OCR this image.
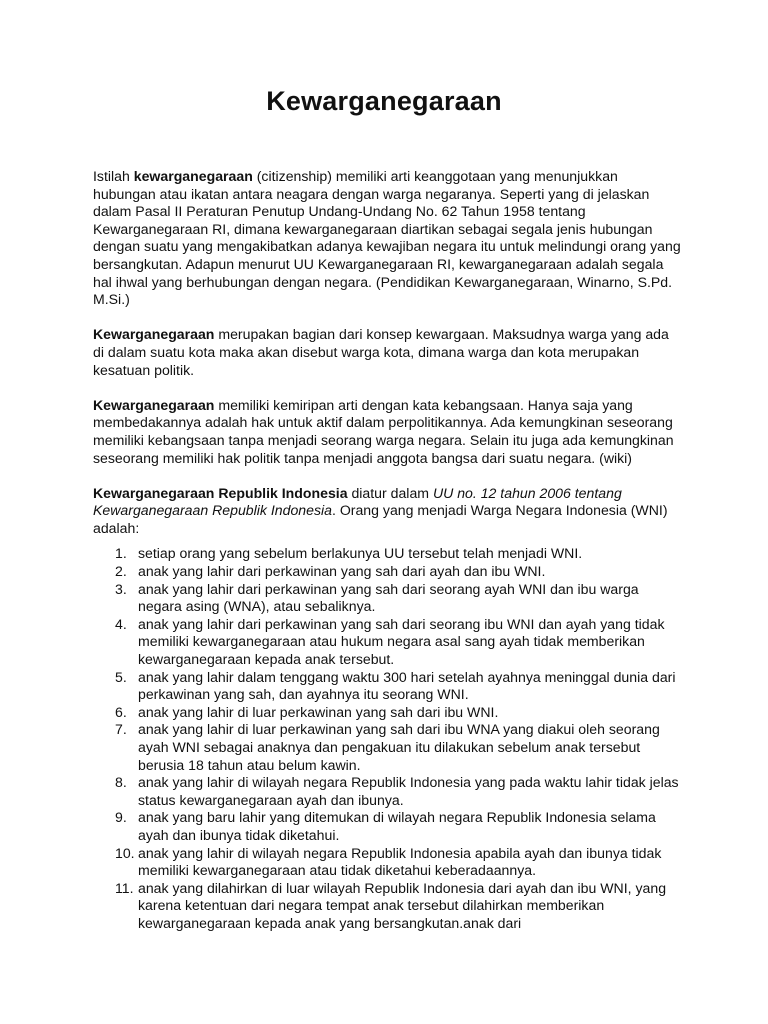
Kewarganegaraan

Istilah kewarganegaraan (citizenship) memiliki arti keanggotaan yang menunjukkan hubungan atau ikatan antara neagara dengan warga negaranya. Seperti yang di jelaskan dalam Pasal II Peraturan Penutup Undang-Undang No. 62 Tahun 1958 tentang Kewarganegaraan RI, dimana kewarganegaraan diartikan sebagai segala jenis hubungan dengan suatu yang mengakibatkan adanya kewajiban negara itu untuk melindungi orang yang bersangkutan. Adapun menurut UU Kewarganegaraan RI, kewarganegaraan adalah segala hal ihwal yang berhubungan dengan negara. (Pendidikan Kewarganegaraan, Winarno, S.Pd. M.Si.)

Kewarganegaraan merupakan bagian dari konsep kewargaan. Maksudnya warga yang ada di dalam suatu kota maka akan disebut warga kota, dimana warga dan kota merupakan kesatuan politik.

Kewarganegaraan memiliki kemiripan arti dengan kata kebangsaan. Hanya saja yang membedakannya adalah hak untuk aktif dalam perpolitikannya. Ada kemungkinan seseorang memiliki kebangsaan tanpa menjadi seorang warga negara. Selain itu juga ada kemungkinan seseorang memiliki hak politik tanpa menjadi anggota bangsa dari suatu negara. (wiki)

Kewarganegaraan Republik Indonesia diatur dalam UU no. 12 tahun 2006 tentang Kewarganegaraan Republik Indonesia. Orang yang menjadi Warga Negara Indonesia (WNI) adalah:

1. setiap orang yang sebelum berlakunya UU tersebut telah menjadi WNI.
2. anak yang lahir dari perkawinan yang sah dari ayah dan ibu WNI.
3. anak yang lahir dari perkawinan yang sah dari seorang ayah WNI dan ibu warga negara asing (WNA), atau sebaliknya.
4. anak yang lahir dari perkawinan yang sah dari seorang ibu WNI dan ayah yang tidak memiliki kewarganegaraan atau hukum negara asal sang ayah tidak memberikan kewarganegaraan kepada anak tersebut.
5. anak yang lahir dalam tenggang waktu 300 hari setelah ayahnya meninggal dunia dari perkawinan yang sah, dan ayahnya itu seorang WNI.
6. anak yang lahir di luar perkawinan yang sah dari ibu WNI.
7. anak yang lahir di luar perkawinan yang sah dari ibu WNA yang diakui oleh seorang ayah WNI sebagai anaknya dan pengakuan itu dilakukan sebelum anak tersebut berusia 18 tahun atau belum kawin.
8. anak yang lahir di wilayah negara Republik Indonesia yang pada waktu lahir tidak jelas status kewarganegaraan ayah dan ibunya.
9. anak yang baru lahir yang ditemukan di wilayah negara Republik Indonesia selama ayah dan ibunya tidak diketahui.
10. anak yang lahir di wilayah negara Republik Indonesia apabila ayah dan ibunya tidak memiliki kewarganegaraan atau tidak diketahui keberadaannya.
11. anak yang dilahirkan di luar wilayah Republik Indonesia dari ayah dan ibu WNI, yang karena ketentuan dari negara tempat anak tersebut dilahirkan memberikan kewarganegaraan kepada anak yang bersangkutan.anak dari
